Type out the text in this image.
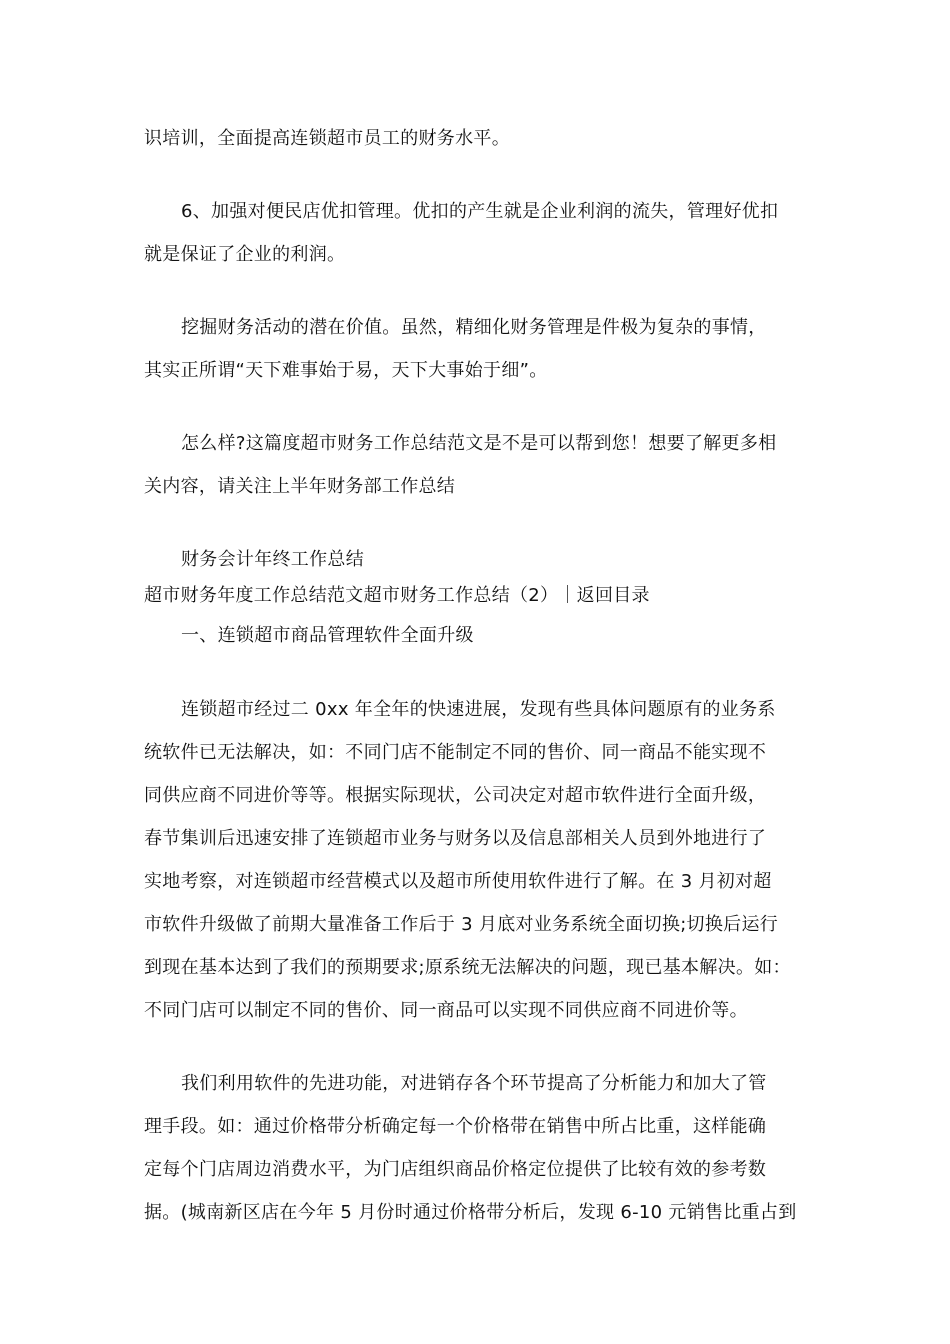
识培训，全面提高连锁超市员工的财务水平。
6、加强对便民店优扣管理。优扣的产生就是企业利润的流失，管理好优扣
就是保证了企业的利润。
挖掘财务活动的潜在价值。虽然，精细化财务管理是件极为复杂的事情，
其实正所谓“天下难事始于易，天下大事始于细”。
怎么样?这篇度超市财务工作总结范文是不是可以帮到您！想要了解更多相
关内容，请关注上半年财务部工作总结
财务会计年终工作总结
超市财务年度工作总结范文超市财务工作总结（2）｜返回目录
一、连锁超市商品管理软件全面升级
连锁超市经过二 0xx 年全年的快速进展，发现有些具体问题原有的业务系
统软件已无法解决，如：不同门店不能制定不同的售价、同一商品不能实现不
同供应商不同进价等等。根据实际现状，公司决定对超市软件进行全面升级，
春节集训后迅速安排了连锁超市业务与财务以及信息部相关人员到外地进行了
实地考察，对连锁超市经营模式以及超市所使用软件进行了解。在 3 月初对超
市软件升级做了前期大量准备工作后于 3 月底对业务系统全面切换;切换后运行
到现在基本达到了我们的预期要求;原系统无法解决的问题，现已基本解决。如：
不同门店可以制定不同的售价、同一商品可以实现不同供应商不同进价等。
我们利用软件的先进功能，对进销存各个环节提高了分析能力和加大了管
理手段。如：通过价格带分析确定每一个价格带在销售中所占比重，这样能确
定每个门店周边消费水平，为门店组织商品价格定位提供了比较有效的参考数
据。(城南新区店在今年 5 月份时通过价格带分析后，发现 6-10 元销售比重占到
